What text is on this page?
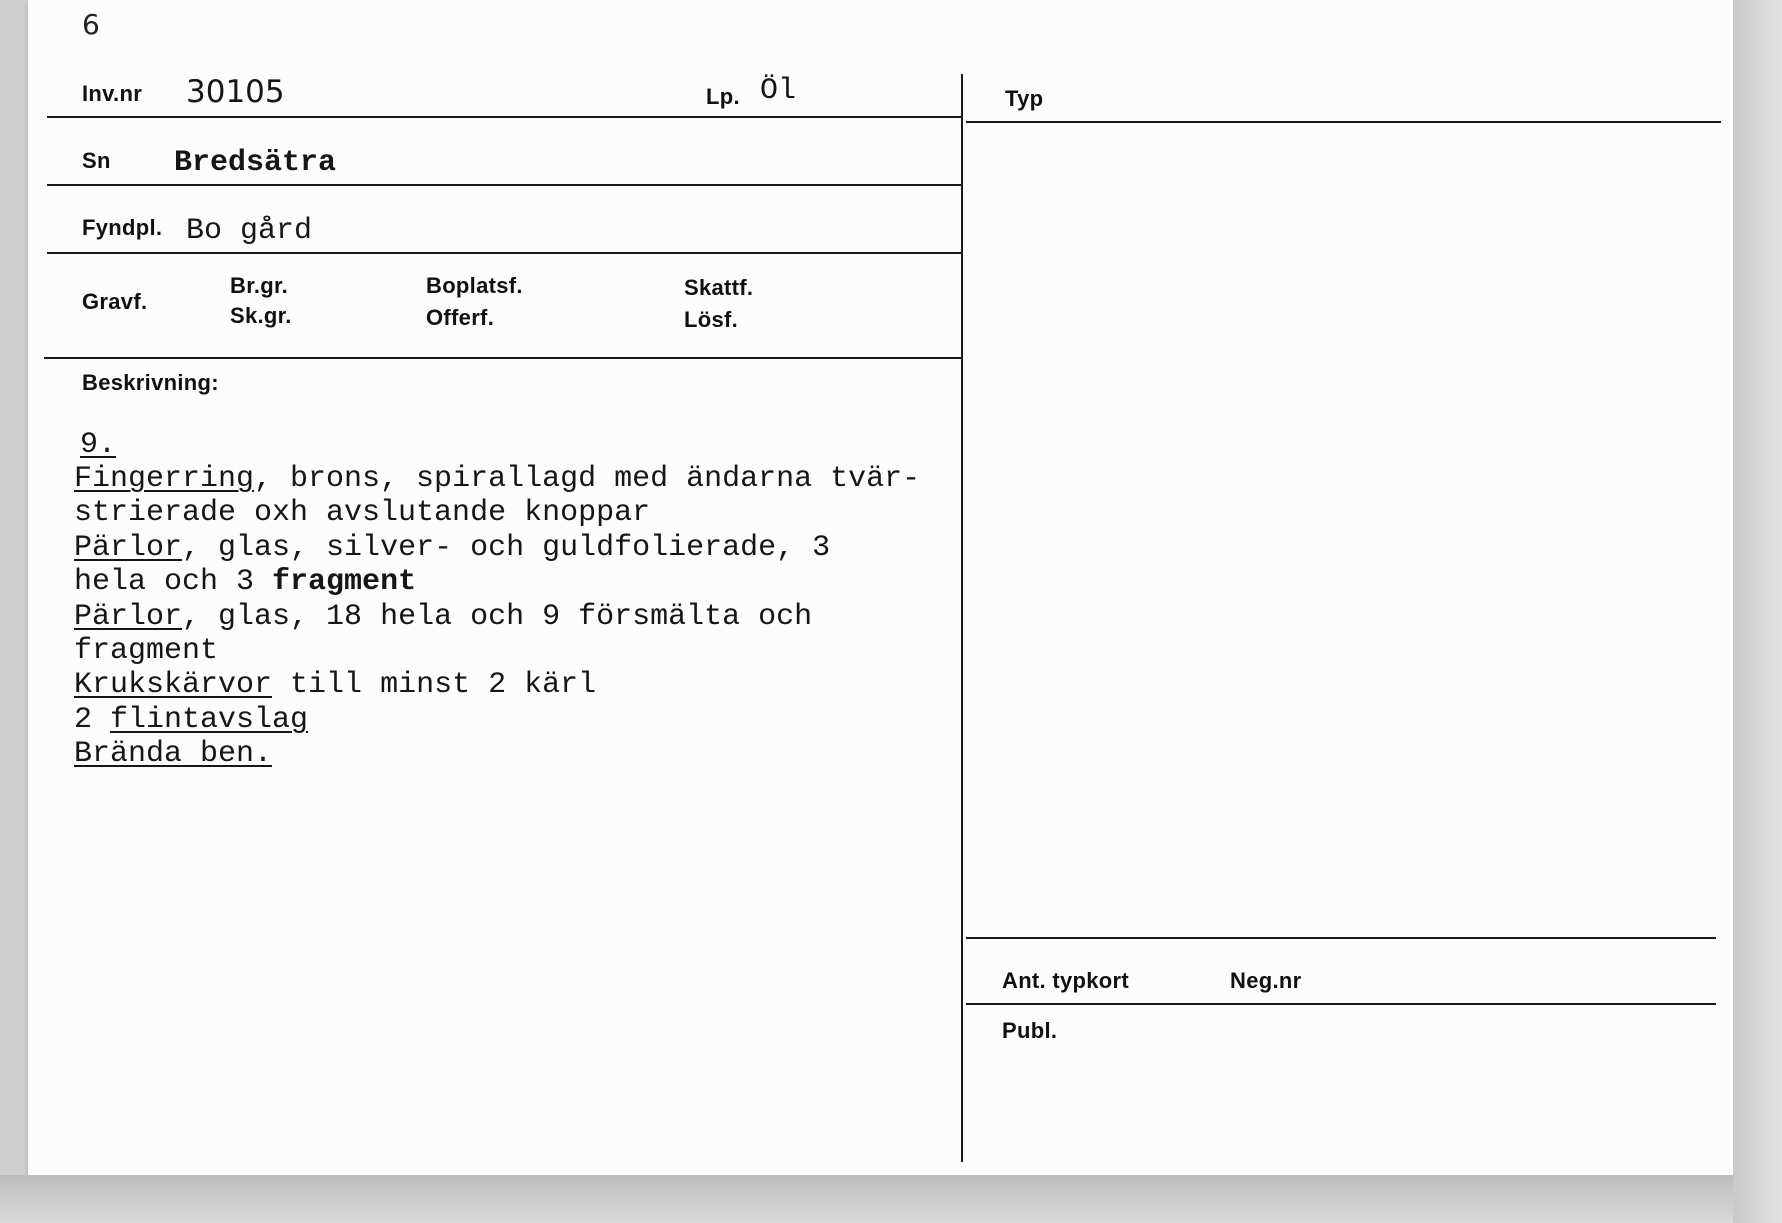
6
Inv.nr 30105	Lp. Öl	Typ
Sn Bredsätra
Fyndpl. Bo gård
Gravf.
Br.gr.
Sk.gr.
Boplatsf.
Offerf.
Skattf.
Lösf.
Beskrivning:
9.
Fingerring, brons, spirallagd med ändarna tvär-
strierade oxh avslutande knoppar
Pärlor, glas, silver- och guldfolierade, 3
hela och 3 fragment
Pärlor, glas, 18 hela och 9 försmälta och
fragment
Krukskärvor till minst 2 kärl
2 flintavslag
Brända ben.
Ant. typkort	Neg.nr
Publ.
